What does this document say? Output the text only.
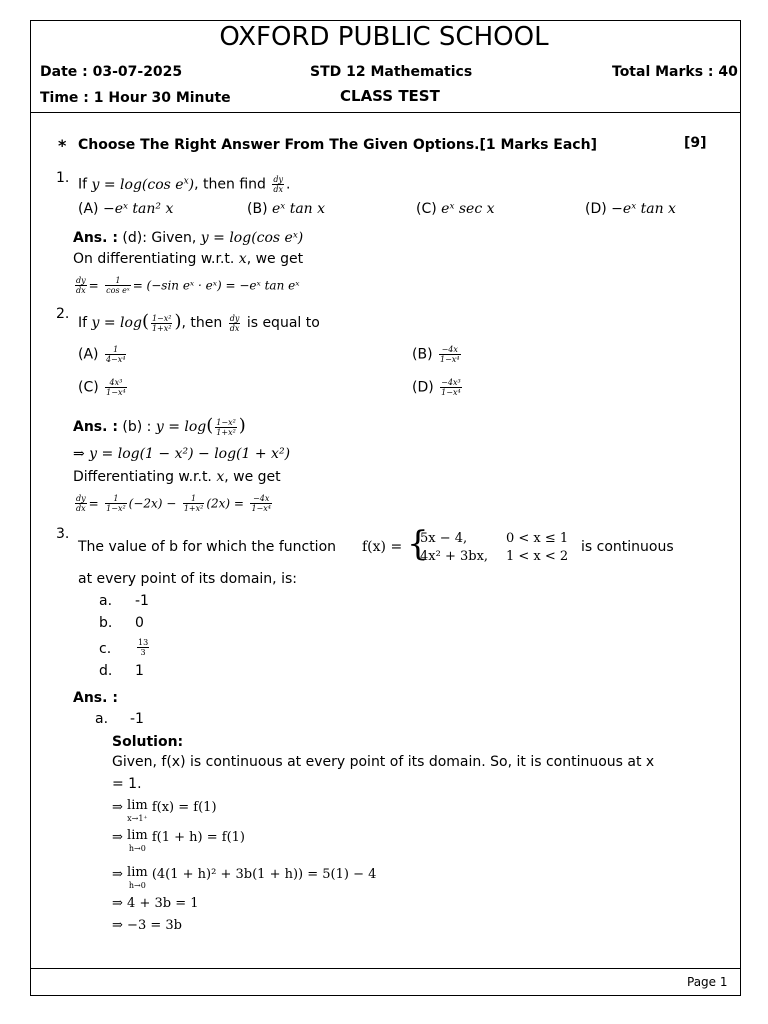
OXFORD PUBLIC SCHOOL
Date : 03-07-2025	STD 12 Mathematics	Total Marks : 40
Time : 1 Hour 30 Minute	CLASS TEST
* Choose The Right Answer From The Given Options.[1 Marks Each]	[9]
1. If y = log(cos $e^x$), then find $\frac{dy}{dx}$ .
(A) −eˣ tan² x	(B) eˣ tan x	(C) eˣ sec x	(D) −eˣ tan x
Ans. : (d): Given, y = log(cos eˣ)
On differentiating w.r.t. x, we get
$\frac{dy}{dx} = \frac{1}{\text{cos eˣ}} = (-\sin$ eˣ · eˣ) = −eˣ tan eˣ
2.
If $y = \log( \frac{\text{1−x²}}{\text{1+x²}}$ ), then $\frac{dy}{dx}$ is equal to
$(A) \frac{1}{\text{4−x⁴}}$	$(B) \frac{-4x}{\text{1−x⁴}}$
$(C) \frac{\text{4x³}}{\text{1−x⁴}}$	$(D) \frac{\text{−4x³}}{\text{1−x⁴}}$
Ans. : (b) : $y = \log( \frac{\text{1−x²}}{\text{1+x²}}$ )
⇒ y = log(1 − x²) − log(1 + x²)
Differentiating w.r.t. x, we get
$\frac{dy}{dx} = \frac{1}{\text{1−x²}} (-2x) - \frac{1}{\text{1+x²}} (2x) = \frac{-4x}{\text{1−x⁴}}$
3.
The value of b for which the function f(x) = {
5x − 4,	0 < x ≤ 1
4x² + 3bx, 1 < x < 2
is continuous
at every point of its domain, is:
a. -1
b. 0
c.	$\frac{13}{3}$
d. 1
Ans. :
a. -1
Solution:
Given, f(x) is continuous at every point of its domain. So, it is continuous at x
= 1.
⇒ lim
x→1⁺ f(x) = f(1)
⇒ lim
h→0 f(1 + h) = f(1)
⇒ lim
h→0 (4(1 + h)² + 3b(1 + h)) = 5(1) − 4
⇒ 4 + 3b = 1
⇒ −3 = 3b
Page 1
